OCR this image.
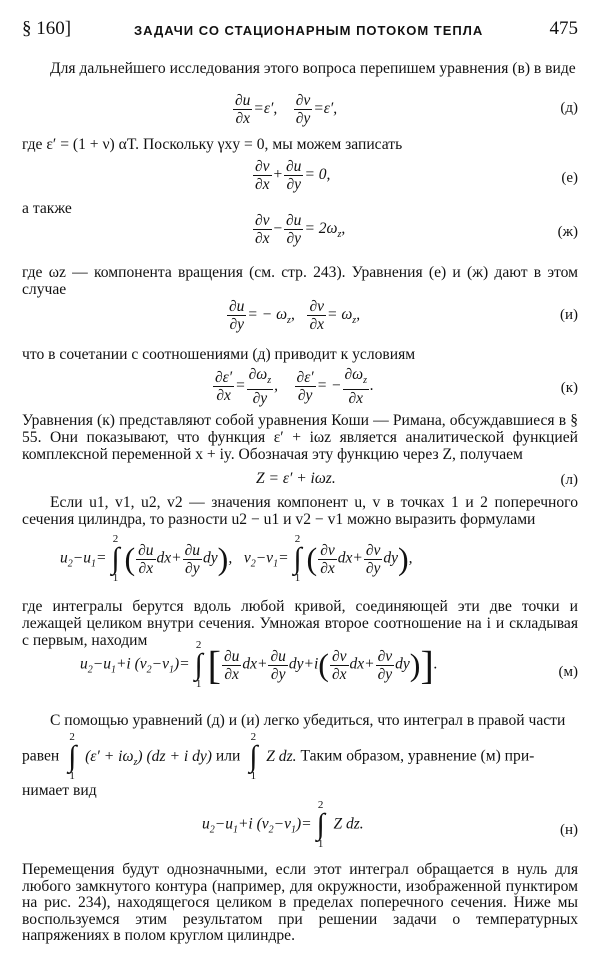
§ 160]	ЗАДАЧИ СО СТАЦИОНАРНЫМ ПОТОКОМ ТЕПЛА	475
Для дальнейшего исследования этого вопроса перепишем уравнения (в) в виде
$\frac{\partial u}{\partial x} =\varepsilon'$, $\frac{\partial v}{\partial y} =\varepsilon'$,	(д)
где ε′ = (1 + ν) αT. Поскольку γxy = 0, мы можем записать
$\frac{\partial v}{\partial x} + \frac{\partial u}{\partial y} = 0$,	(е)
а также
$\frac{\partial v}{\partial x} - \frac{\partial u}{\partial y} = 2\omega_z$,	(ж)
где ωz — компонента вращения (см. стр. 243). Уравнения (е) и (ж) дают в этом случае
$\frac{\partial u}{\partial y}$ = − $\omega_z$, $\frac{\partial v}{\partial x} = \omega_z$,	(и)
что в сочетании с соотношениями (д) приводит к условиям
$\frac{\partial\varepsilon'}{\partial x} = \frac{\partial\omega_z}{\partial y}$ , $\frac{\partial\varepsilon'}{\partial y}$ = − $\frac{\partial\omega_z}{\partial x}$ .	(к)
Уравнения (к) представляют собой уравнения Коши — Римана, обсуждавшиеся в § 55. Они показывают, что функция ε′ + iωz является аналитической функцией комплексной переменной x + iy. Обозначая эту функцию через Z, получаем
Z = ε′ + iωz.	(л)
Если u1, v1, u2, v2 — значения компонент u, v в точках 1 и 2 поперечного сечения цилиндра, то разности u2 − u1 и v2 − v1 можно выразить формулами
$u_2-u_1=$
2
∫
1
( $\frac{\partial u}{\partial x} dx+ \frac{\partial u}{\partial y} dy$),   $v_2-v_1=$
2
∫
1
( $\frac{\partial v}{\partial x} dx+ \frac{\partial v}{\partial y} dy$),
где интегралы берутся вдоль любой кривой, соединяющей эти две точки и лежащей целиком внутри сечения. Умножая второе соотношение на i и складывая с первым, находим
$u_2-u_1+i$ $(v_2-v_1)=$
2
∫
1 [ $\frac{\partial u}{\partial x} dx+ \frac{\partial u}{\partial y} dy+i( \frac{\partial v}{\partial x} dx+ \frac{\partial v}{\partial y} dy)$].	(м)
С помощью уравнений (д) и (и) легко убедиться, что интеграл в правой части
равен
2
∫
1
$(\varepsilon' + i\omega_z)$ (dz + i dy) или
2
∫
1
Z dz. Таким образом, уравнение (м) при-
нимает вид
$u_2-u_1+i$ $(v_2-v_1)=$
2
∫
1
Z dz.	(н)
Перемещения будут однозначными, если этот интеграл обращается в нуль для любого замкнутого контура (например, для окружности, изображенной пунктиром на рис. 234), находящегося целиком в пределах поперечного сечения. Ниже мы воспользуемся этим результатом при решении задачи о температурных напряжениях в полом круглом цилиндре.
